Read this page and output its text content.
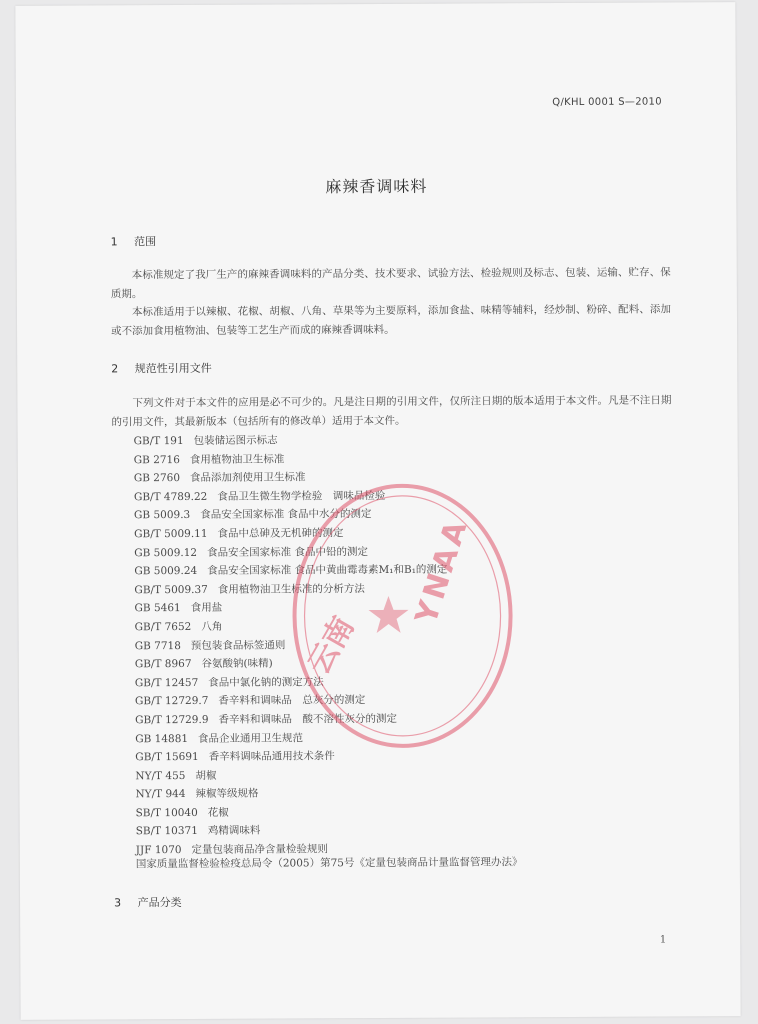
Q/KHL 0001 S—2010
麻辣香调味料
1 范围

本标准规定了我厂生产的麻辣香调味料的产品分类、技术要求、试验方法、检验规则及标志、包装、运输、贮存、保质期。

本标准适用于以辣椒、花椒、胡椒、八角、草果等为主要原料，添加食盐、味精等辅料，经炒制、粉碎、配料、添加或不添加食用植物油、包装等工艺生产而成的麻辣香调味料。

2 规范性引用文件

下列文件对于本文件的应用是必不可少的。凡是注日期的引用文件，仅所注日期的版本适用于本文件。凡是不注日期的引用文件，其最新版本（包括所有的修改单）适用于本文件。

GB/T 191 包装储运图示标志
GB 2716 食用植物油卫生标准
GB 2760 食品添加剂使用卫生标准
GB/T 4789.22 食品卫生微生物学检验　调味品检验
GB 5009.3 食品安全国家标准 食品中水分的测定
GB/T 5009.11 食品中总砷及无机砷的测定
GB 5009.12 食品安全国家标准 食品中铅的测定
GB 5009.24 食品安全国家标准 食品中黄曲霉毒素M₁和B₁的测定
GB/T 5009.37 食用植物油卫生标准的分析方法
GB 5461 食用盐
GB/T 7652 八角
GB 7718 预包装食品标签通则
GB/T 8967 谷氨酸钠(味精)
GB/T 12457 食品中氯化钠的测定方法
GB/T 12729.7 香辛料和调味品　总灰分的测定
GB/T 12729.9 香辛料和调味品　酸不溶性灰分的测定
GB 14881 食品企业通用卫生规范
GB/T 15691 香辛料调味品通用技术条件
NY/T 455 胡椒
NY/T 944 辣椒等级规格
SB/T 10040 花椒
SB/T 10371 鸡精调味料
JJF 1070 定量包装商品净含量检验规则
国家质量监督检验检疫总局令（2005）第75号《定量包装商品计量监督管理办法》
3 产品分类
1
YNAA
云南
